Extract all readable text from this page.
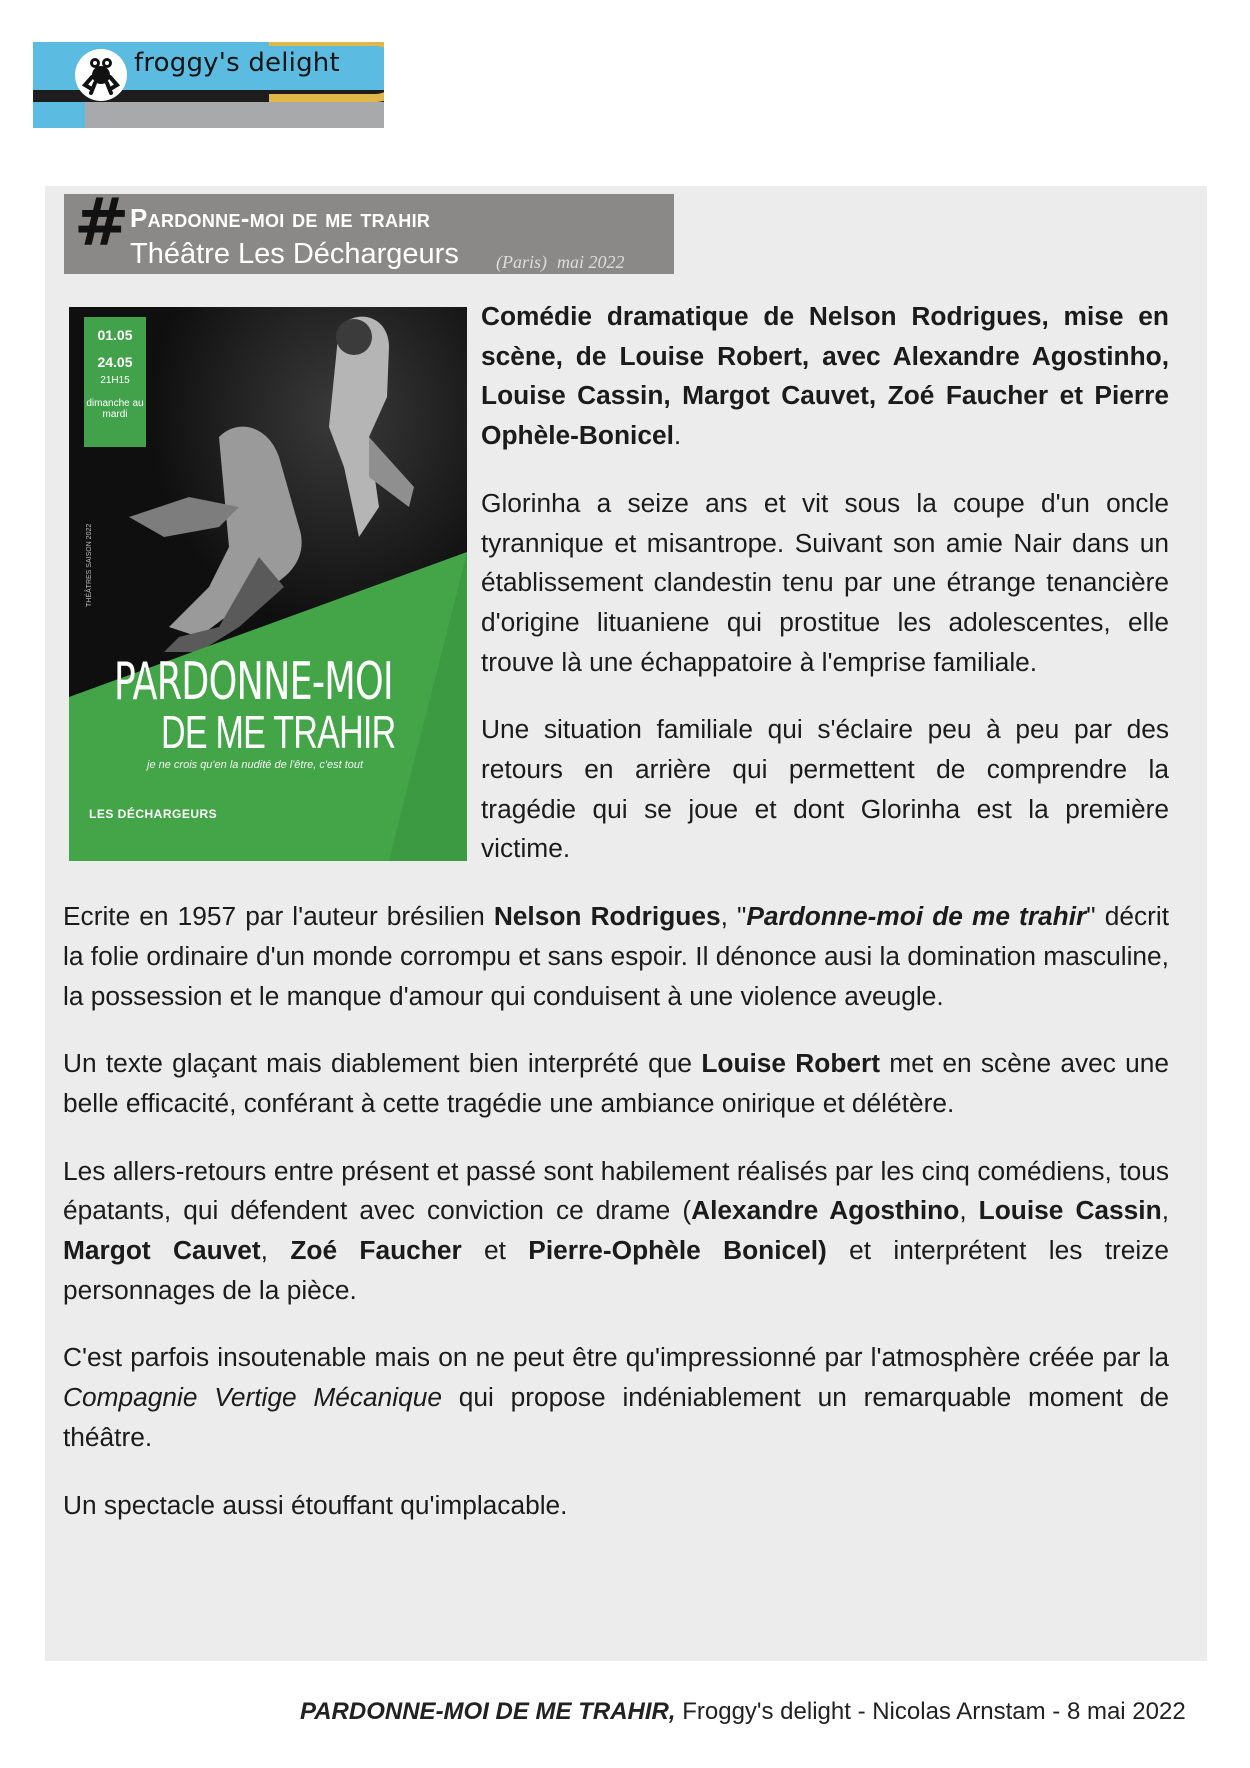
froggy's delight
# Pardonne-moi de me trahir
Théâtre Les Déchargeurs (Paris) mai 2022
THÉÂTRES SAISON 2022
01.05
24.05
21H15
dimanche au mardi
PARDONNE-MOI
DE ME TRAHIR
je ne crois qu'en la nudité de l'être, c'est tout
LES DÉCHARGEURS

Comédie dramatique de Nelson Rodrigues, mise en scène, de Louise Robert, avec Alexandre Agostinho, Louise Cassin, Margot Cauvet, Zoé Faucher et Pierre Ophèle-Bonicel.

Glorinha a seize ans et vit sous la coupe d'un oncle tyrannique et misantrope. Suivant son amie Nair dans un établissement clandestin tenu par une étrange tenancière d'origine lituaniene qui prostitue les adolescentes, elle trouve là une échappatoire à l'emprise familiale.

Une situation familiale qui s'éclaire peu à peu par des retours en arrière qui permettent de comprendre la tragédie qui se joue et dont Glorinha est la première victime.

Ecrite en 1957 par l'auteur brésilien Nelson Rodrigues, "Pardonne-moi de me trahir" décrit la folie ordinaire d'un monde corrompu et sans espoir. Il dénonce ausi la domination masculine, la possession et le manque d'amour qui conduisent à une violence aveugle.

Un texte glaçant mais diablement bien interprété que Louise Robert met en scène avec une belle efficacité, conférant à cette tragédie une ambiance onirique et délétère.

Les allers-retours entre présent et passé sont habilement réalisés par les cinq comédiens, tous épatants, qui défendent avec conviction ce drame (Alexandre Agosthino, Louise Cassin, Margot Cauvet, Zoé Faucher et Pierre-Ophèle Bonicel) et interprétent les treize personnages de la pièce.

C'est parfois insoutenable mais on ne peut être qu'impressionné par l'atmosphère créée par la Compagnie Vertige Mécanique qui propose indéniablement un remarquable moment de théâtre.

Un spectacle aussi étouffant qu'implacable.

PARDONNE-MOI DE ME TRAHIR, Froggy's delight - Nicolas Arnstam - 8 mai 2022
